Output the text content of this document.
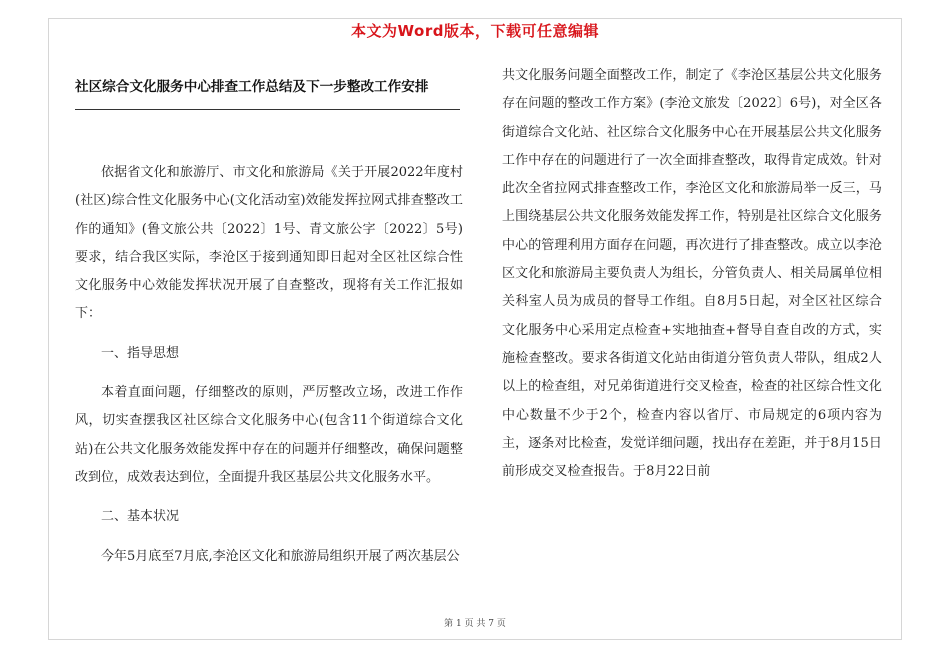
本文为Word版本，下载可任意编辑
社区综合文化服务中心排查工作总结及下一步整改工作安排

依据省文化和旅游厅、市文化和旅游局《关于开展2022年度村(社区)综合性文化服务中心(文化活动室)效能发挥拉网式排查整改工作的通知》(鲁文旅公共〔2022〕1号、青文旅公字〔2022〕5号)要求，结合我区实际，李沧区于接到通知即日起对全区社区综合性文化服务中心效能发挥状况开展了自查整改，现将有关工作汇报如下：

一、指导思想

本着直面问题，仔细整改的原则，严厉整改立场，改进工作作风，切实查摆我区社区综合文化服务中心(包含11个街道综合文化站)在公共文化服务效能发挥中存在的问题并仔细整改，确保问题整改到位，成效表达到位，全面提升我区基层公共文化服务水平。

二、基本状况

今年5月底至7月底,李沧区文化和旅游局组织开展了两次基层公

共文化服务问题全面整改工作，制定了《李沧区基层公共文化服务存在问题的整改工作方案》(李沧文旅发〔2022〕6号)，对全区各街道综合文化站、社区综合文化服务中心在开展基层公共文化服务工作中存在的问题进行了一次全面排查整改，取得肯定成效。针对此次全省拉网式排查整改工作，李沧区文化和旅游局举一反三，马上围绕基层公共文化服务效能发挥工作，特别是社区综合文化服务中心的管理利用方面存在问题，再次进行了排查整改。成立以李沧区文化和旅游局主要负责人为组长，分管负责人、相关局属单位相关科室人员为成员的督导工作组。自8月5日起，对全区社区综合文化服务中心采用定点检查+实地抽查+督导自查自改的方式，实施检查整改。要求各街道文化站由街道分管负责人带队，组成2人以上的检查组，对兄弟街道进行交叉检查，检查的社区综合性文化中心数量不少于2个，检查内容以省厅、市局规定的6项内容为主，逐条对比检查，发觉详细问题，找出存在差距，并于8月15日前形成交叉检查报告。于8月22日前

第 1 页 共 7 页
